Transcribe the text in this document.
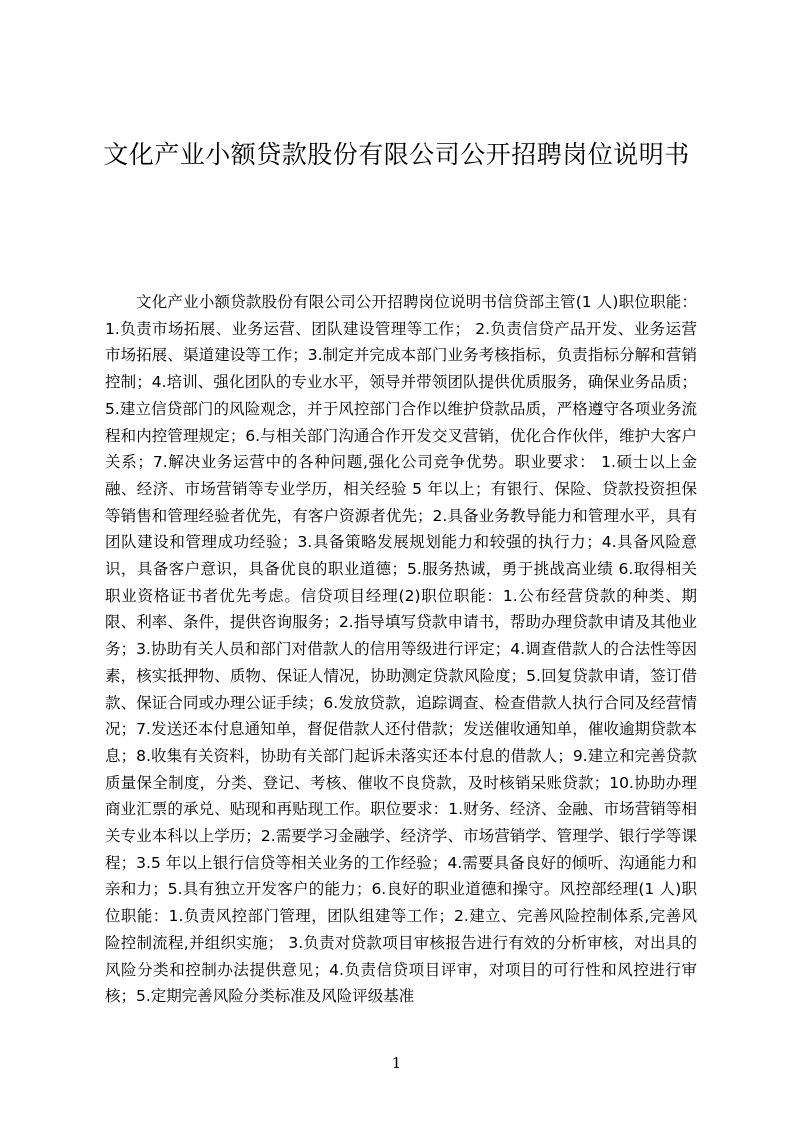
文化产业小额贷款股份有限公司公开招聘岗位说明书

文化产业小额贷款股份有限公司公开招聘岗位说明书信贷部主管(1 人)职位职能：1.负责市场拓展、业务运营、团队建设管理等工作； 2.负责信贷产品开发、业务运营市场拓展、渠道建设等工作；3.制定并完成本部门业务考核指标，负责指标分解和营销控制；4.培训、强化团队的专业水平，领导并带领团队提供优质服务，确保业务品质；5.建立信贷部门的风险观念，并于风控部门合作以维护贷款品质，严格遵守各项业务流程和内控管理规定；6.与相关部门沟通合作开发交叉营销，优化合作伙伴，维护大客户关系；7.解决业务运营中的各种问题,强化公司竞争优势。职业要求： 1.硕士以上金融、经济、市场营销等专业学历，相关经验 5 年以上；有银行、保险、贷款投资担保等销售和管理经验者优先，有客户资源者优先；2.具备业务教导能力和管理水平，具有团队建设和管理成功经验；3.具备策略发展规划能力和较强的执行力；4.具备风险意识，具备客户意识，具备优良的职业道德；5.服务热诚，勇于挑战高业绩 6.取得相关职业资格证书者优先考虑。信贷项目经理(2)职位职能：1.公布经营贷款的种类、期限、利率、条件，提供咨询服务；2.指导填写贷款申请书，帮助办理贷款申请及其他业务；3.协助有关人员和部门对借款人的信用等级进行评定；4.调查借款人的合法性等因素，核实抵押物、质物、保证人情况，协助测定贷款风险度；5.回复贷款申请，签订借款、保证合同或办理公证手续；6.发放贷款，追踪调查、检查借款人执行合同及经营情况；7.发送还本付息通知单，督促借款人还付借款；发送催收通知单，催收逾期贷款本息；8.收集有关资料，协助有关部门起诉未落实还本付息的借款人；9.建立和完善贷款质量保全制度，分类、登记、考核、催收不良贷款，及时核销呆账贷款；10.协助办理商业汇票的承兑、贴现和再贴现工作。职位要求：1.财务、经济、金融、市场营销等相关专业本科以上学历；2.需要学习金融学、经济学、市场营销学、管理学、银行学等课程；3.5 年以上银行信贷等相关业务的工作经验；4.需要具备良好的倾听、沟通能力和亲和力；5.具有独立开发客户的能力；6.良好的职业道德和操守。风控部经理(1 人)职位职能：1.负责风控部门管理，团队组建等工作；2.建立、完善风险控制体系,完善风险控制流程,并组织实施； 3.负责对贷款项目审核报告进行有效的分析审核，对出具的风险分类和控制办法提供意见；4.负责信贷项目评审，对项目的可行性和风控进行审核；5.定期完善风险分类标准及风险评级基准

1
